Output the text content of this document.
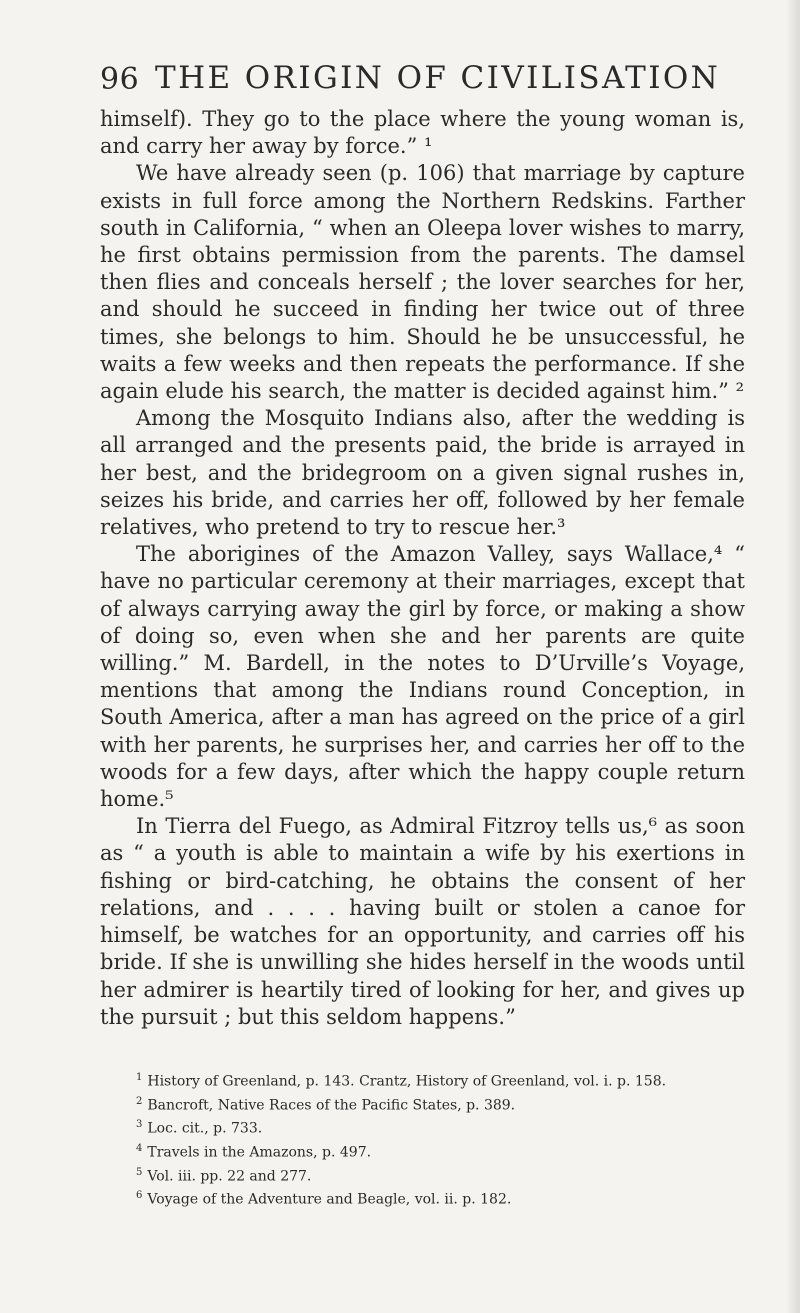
96 THE ORIGIN OF CIVILISATION

himself). They go to the place where the young woman is, and carry her away by force.” ¹

We have already seen (p. 106) that marriage by capture exists in full force among the Northern Redskins. Farther south in California, “ when an Oleepa lover wishes to marry, he first obtains permission from the parents. The damsel then flies and conceals herself ; the lover searches for her, and should he succeed in finding her twice out of three times, she belongs to him. Should he be unsuccessful, he waits a few weeks and then repeats the performance. If she again elude his search, the matter is decided against him.” ²

Among the Mosquito Indians also, after the wedding is all arranged and the presents paid, the bride is arrayed in her best, and the bridegroom on a given signal rushes in, seizes his bride, and carries her off, followed by her female relatives, who pretend to try to rescue her.³

The aborigines of the Amazon Valley, says Wallace,⁴ “ have no particular ceremony at their marriages, except that of always carrying away the girl by force, or making a show of doing so, even when she and her parents are quite willing.” M. Bardell, in the notes to D’Urville’s Voyage, mentions that among the Indians round Conception, in South America, after a man has agreed on the price of a girl with her parents, he surprises her, and carries her off to the woods for a few days, after which the happy couple return home.⁵

In Tierra del Fuego, as Admiral Fitzroy tells us,⁶ as soon as “ a youth is able to maintain a wife by his exertions in fishing or bird-catching, he obtains the consent of her relations, and . . . . having built or stolen a canoe for himself, be watches for an opportunity, and carries off his bride. If she is unwilling she hides herself in the woods until her admirer is heartily tired of looking for her, and gives up the pursuit ; but this seldom happens.”

$^1$ History of Greenland, p. 143. Crantz, History of Greenland, vol. i. p. 158.

$^2$ Bancroft, Native Races of the Pacific States, p. 389.

$^3$ Loc. cit., p. 733.

$^4$ Travels in the Amazons, p. 497.

$^5$ Vol. iii. pp. 22 and 277.

$^6$ Voyage of the Adventure and Beagle, vol. ii. p. 182.
